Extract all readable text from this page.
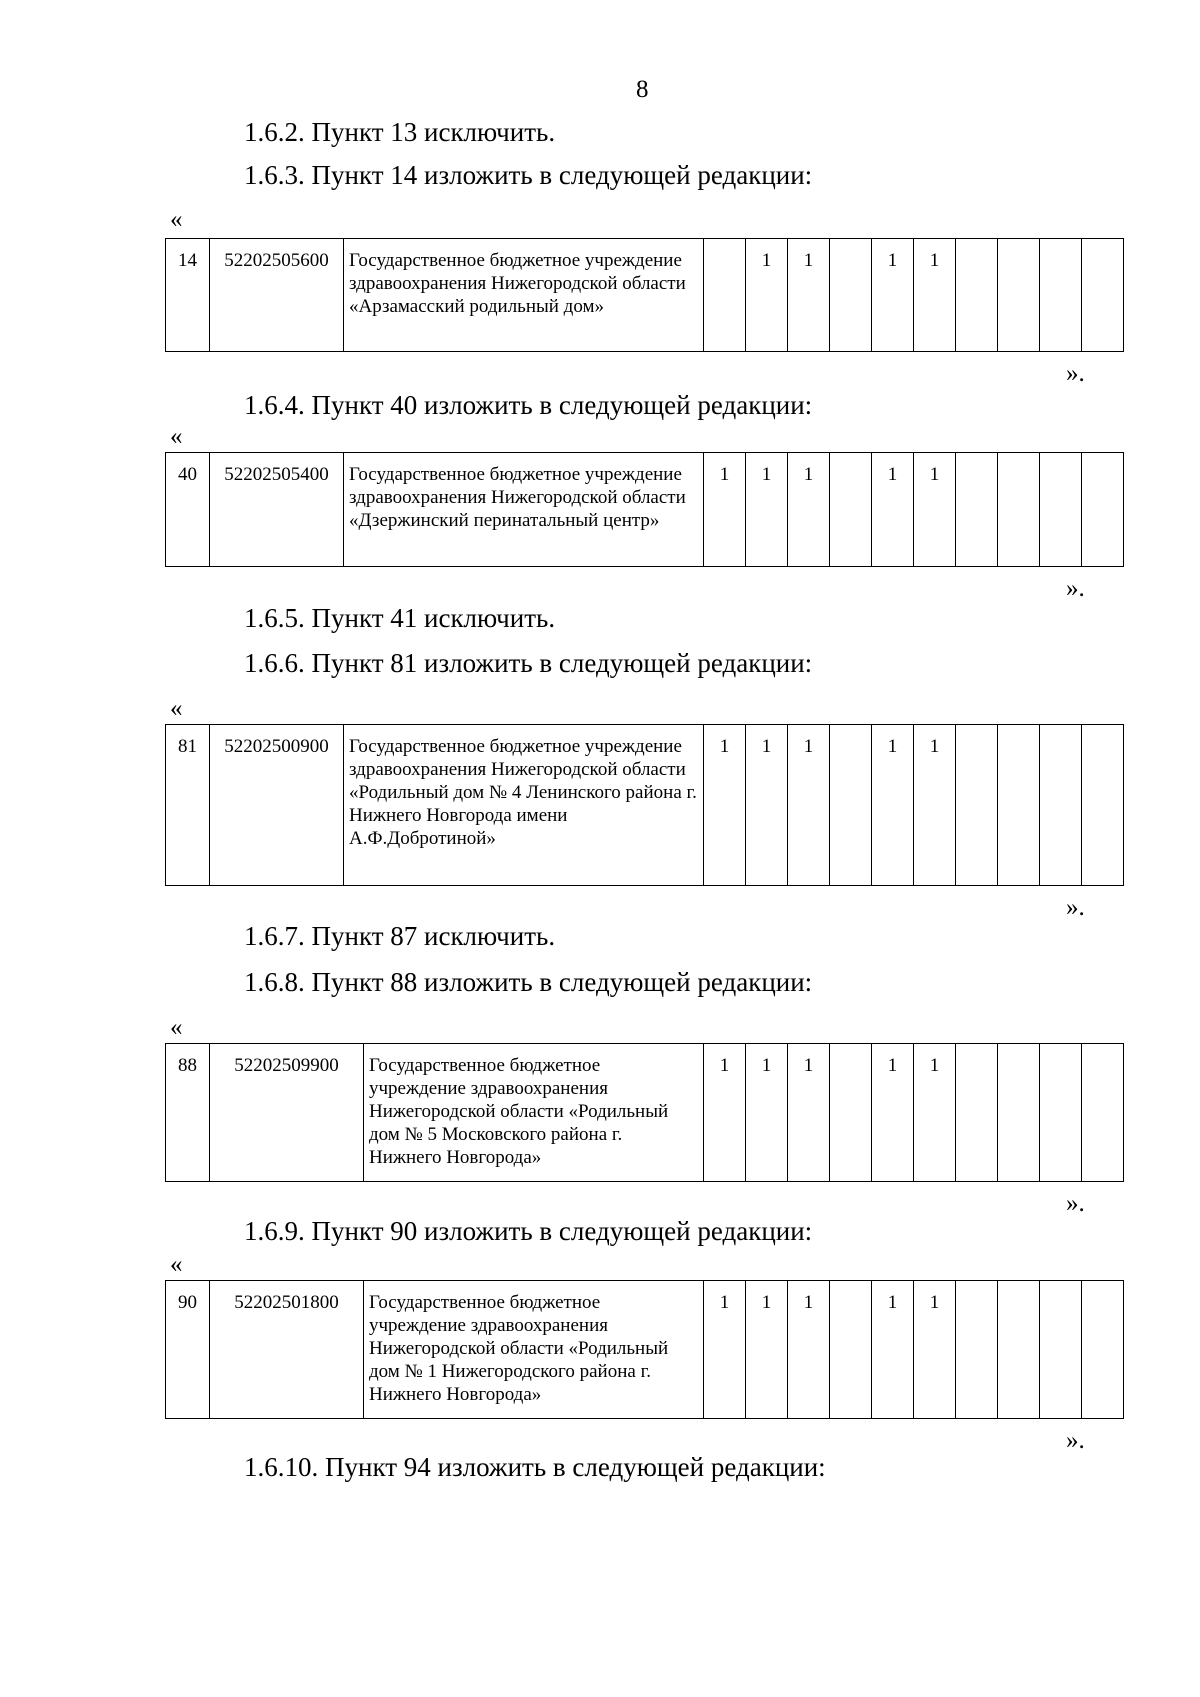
8
1.6.2. Пункт 13 исключить.
1.6.3. Пункт 14 изложить в следующей редакции:
«
14	52202505600	Государственное бюджетное учреждение здравоохранения Нижегородской области «Арзамасский родильный дом»		1	1		1	1				
».
1.6.4. Пункт 40 изложить в следующей редакции:
«
40	52202505400	Государственное бюджетное учреждение здравоохранения Нижегородской области «Дзержинский перинатальный центр»	1	1	1		1	1				
».
1.6.5. Пункт 41 исключить.
1.6.6. Пункт 81 изложить в следующей редакции:
«
81	52202500900	Государственное бюджетное учреждение здравоохранения Нижегородской области «Родильный дом № 4 Ленинского района г. Нижнего Новгорода имени А.Ф.Добротиной»	1	1	1		1	1				
».
1.6.7. Пункт 87 исключить.
1.6.8. Пункт 88 изложить в следующей редакции:
«
88	52202509900	Государственное бюджетное учреждение здравоохранения Нижегородской области «Родильный дом № 5 Московского района г. Нижнего Новгорода»	1	1	1		1	1				
».
1.6.9. Пункт 90 изложить в следующей редакции:
«
90	52202501800	Государственное бюджетное учреждение здравоохранения Нижегородской области «Родильный дом № 1 Нижегородского района г. Нижнего Новгорода»	1	1	1		1	1				
».
1.6.10. Пункт 94 изложить в следующей редакции:
